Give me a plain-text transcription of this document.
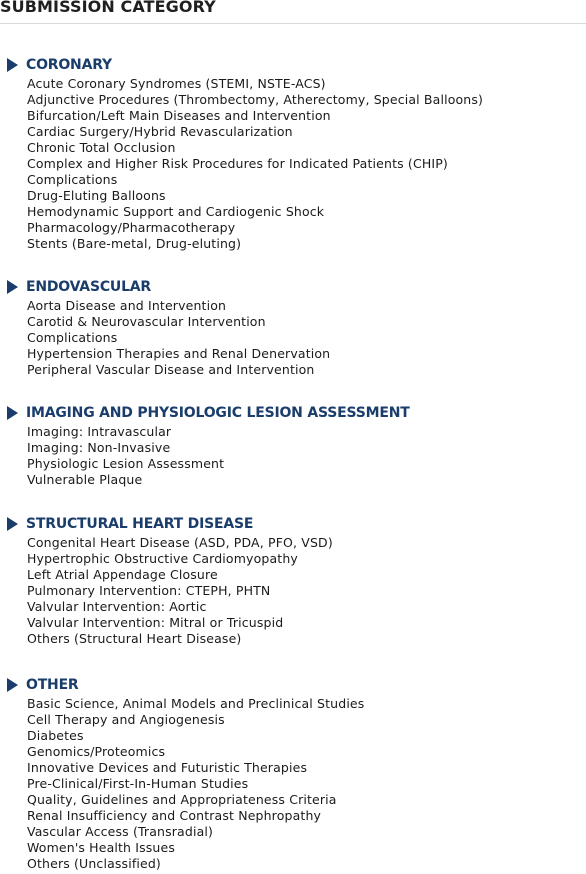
SUBMISSION CATEGORY
CORONARY
Acute Coronary Syndromes (STEMI, NSTE-ACS)
Adjunctive Procedures (Thrombectomy, Atherectomy, Special Balloons)
Bifurcation/Left Main Diseases and Intervention
Cardiac Surgery/Hybrid Revascularization
Chronic Total Occlusion
Complex and Higher Risk Procedures for Indicated Patients (CHIP)
Complications
Drug-Eluting Balloons
Hemodynamic Support and Cardiogenic Shock
Pharmacology/Pharmacotherapy
Stents (Bare-metal, Drug-eluting)
ENDOVASCULAR
Aorta Disease and Intervention
Carotid & Neurovascular Intervention
Complications
Hypertension Therapies and Renal Denervation
Peripheral Vascular Disease and Intervention
IMAGING AND PHYSIOLOGIC LESION ASSESSMENT
Imaging: Intravascular
Imaging: Non-Invasive
Physiologic Lesion Assessment
Vulnerable Plaque
STRUCTURAL HEART DISEASE
Congenital Heart Disease (ASD, PDA, PFO, VSD)
Hypertrophic Obstructive Cardiomyopathy
Left Atrial Appendage Closure
Pulmonary Intervention: CTEPH, PHTN
Valvular Intervention: Aortic
Valvular Intervention: Mitral or Tricuspid
Others (Structural Heart Disease)
OTHER
Basic Science, Animal Models and Preclinical Studies
Cell Therapy and Angiogenesis
Diabetes
Genomics/Proteomics
Innovative Devices and Futuristic Therapies
Pre-Clinical/First-In-Human Studies
Quality, Guidelines and Appropriateness Criteria
Renal Insufficiency and Contrast Nephropathy
Vascular Access (Transradial)
Women's Health Issues
Others (Unclassified)
